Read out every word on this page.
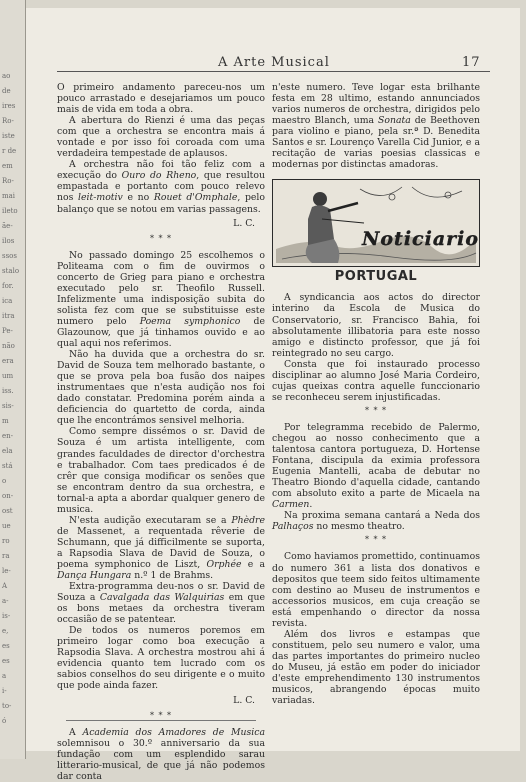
ao
de
ires
Ro-
iste
r de
em
Ro-
mai
ileto
ãe-
ilos
ssos
stalo
for.
ica
itra
Pe-
não
era
um
iss.
sis-
m
en-
ela
stá
o
on-
ost
ue
ro
ra
le-
A
a-
is-
e,
es
es
a
i-
to-
ó
A Arte Musical	17

O primeiro andamento pareceu-nos um pouco arrastado e desejariamos um pouco mais de vida em toda a obra.

A abertura do Rienzi é uma das peças com que a orchestra se encontra mais á vontade e por isso foi coroada com uma verdadeira tempestade de aplausos.

A orchestra não foi tão feliz com a execução do Ouro do Rheno, que resultou empastada e portanto com pouco relevo nos leit-motiv e no Rouet d'Omphale, pelo balanço que se notou em varias passagens.

L. C.
* * *

No passado domingo 25 escolhemos o Politeama com o fim de ouvirmos o concerto de Grieg para piano e orchestra executado pelo sr. Theofilo Russell. Infelizmente uma indisposição subita do solista fez com que se substituisse este numero pelo Poema symphonico de Glazounow, que já tinhamos ouvido e ao qual aqui nos referimos.

Não ha duvida que a orchestra do sr. David de Souza tem melhorado bastante, o que se prova pela boa fusão dos naipes instrumentaes que n'esta audição nos foi dado constatar. Predomina porém ainda a deficiencia do quartetto de corda, ainda que lhe encontrámos sensivel melhoria.

Como sempre dissémos o sr. David de Souza é um artista intelligente, com grandes faculdades de director d'orchestra e trabalhador. Com taes predicados é de crêr que consiga modificar os senões que se encontram dentro da sua orchestra, e tornal-a apta a abordar qualquer genero de musica.

N'esta audição executaram se a Phèdre de Massenet, a requentada rêverie de Schumann, que já difficilmente se suporta, a Rapsodia Slava de David de Souza, o poema symphonico de Liszt, Orphée e a Dança Hungara n.º 1 de Brahms.

Extra-programma deu-nos o sr. David de Souza a Cavalgada das Walquirias em que os bons metaes da orchestra tiveram occasião de se patentear.

De todos os numeros poremos em primeiro logar como boa execução a Rapsodia Slava. A orchestra mostrou ahi á evidencia quanto tem lucrado com os sabios conselhos do seu dirigente e o muito que pode ainda fazer.

L. C.
* * *

A Academia dos Amadores de Musica solemnisou o 30.º anniversario da sua fundação com um esplendido sarau litterario-musical, de que já não podemos dar conta

n'este numero. Teve logar esta brilhante festa em 28 ultimo, estando annunciados varios numeros de orchestra, dirigidos pelo maestro Blanch, uma Sonata de Beethoven para violino e piano, pela sr.ª D. Benedita Santos e sr. Lourenço Varella Cid Junior, e a recitação de varias poesias classicas e modernas por distinctas amadoras.

Noticiario
PORTUGAL

A syndicancia aos actos do director interino da Escola de Musica do Conservatorio, sr. Francisco Bahia, foi absolutamente illibatoria para este nosso amigo e distincto professor, que já foi reintegrado no seu cargo.

Consta que foi instaurado processo disciplinar ao alumno José Maria Cordeiro, cujas queixas contra aquelle funccionario se reconheceu serem injustificadas.

* * *

Por telegramma recebido de Palermo, chegou ao nosso conhecimento que a talentosa cantora portugueza, D. Hortense Fontana, discipula da eximia professora Eugenia Mantelli, acaba de debutar no Theatro Biondo d'aquella cidade, cantando com absoluto exito a parte de Micaela na Carmen.

Na proxima semana cantará a Neda dos Palhaços no mesmo theatro.

* * *

Como haviamos promettido, continuamos do numero 361 a lista dos donativos e depositos que teem sido feitos ultimamente com destino ao Museu de instrumentos e accessorios musicos, em cuja creação se está empenhando o director da nossa revista.

Além dos livros e estampas que constituem, pelo seu numero e valor, uma das partes importantes do primeiro nucleo do Museu, já estão em poder do iniciador d'este emprehendimento 130 instrumentos musicos, abrangendo épocas muito variadas.
